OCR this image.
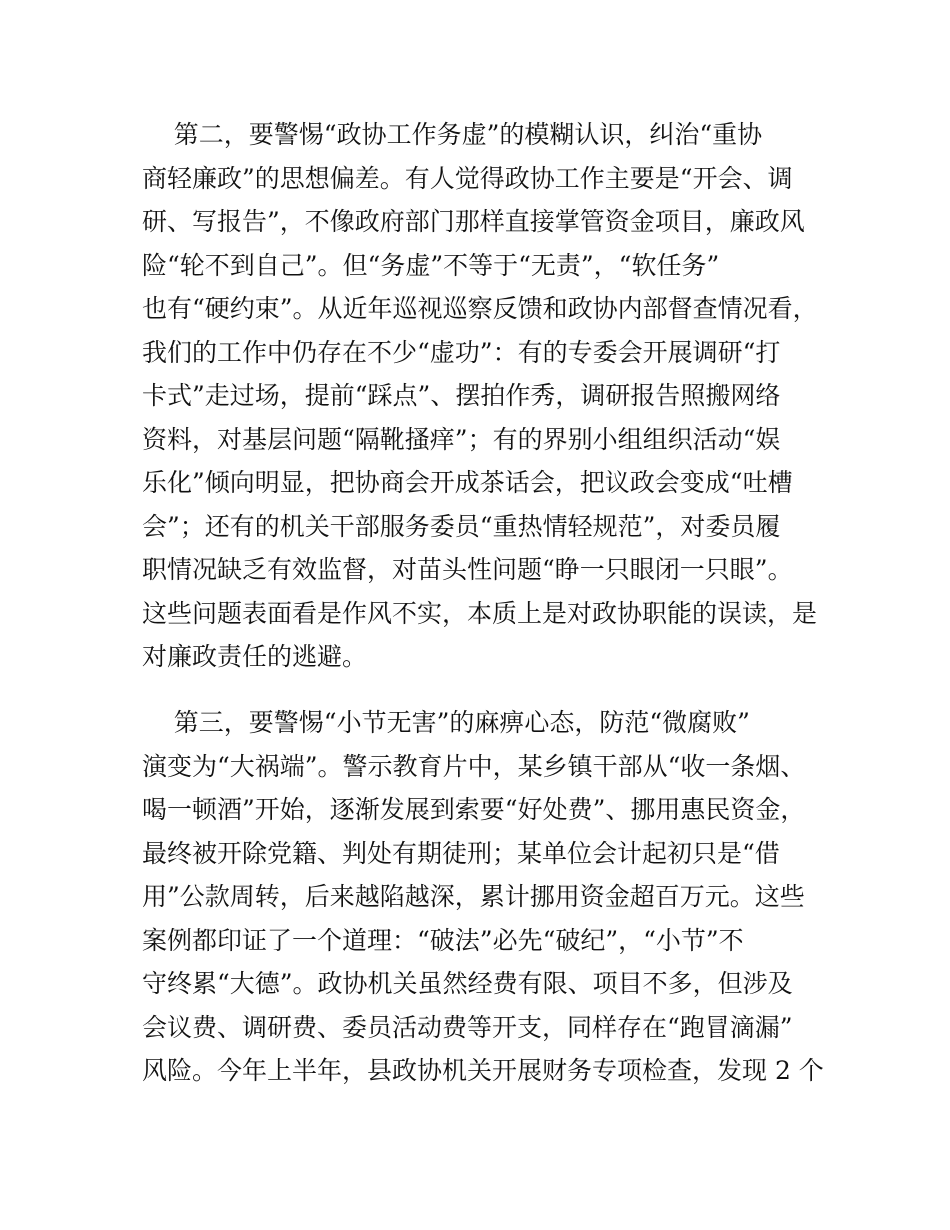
第二，要警惕“政协工作务虚”的模糊认识，纠治“重协
商轻廉政”的思想偏差。有人觉得政协工作主要是“开会、调
研、写报告”，不像政府部门那样直接掌管资金项目，廉政风
险“轮不到自己”。但“务虚”不等于“无责”，“软任务”
也有“硬约束”。从近年巡视巡察反馈和政协内部督查情况看，
我们的工作中仍存在不少“虚功”：有的专委会开展调研“打
卡式”走过场，提前“踩点”、摆拍作秀，调研报告照搬网络
资料，对基层问题“隔靴搔痒”；有的界别小组组织活动“娱
乐化”倾向明显，把协商会开成茶话会，把议政会变成“吐槽
会”；还有的机关干部服务委员“重热情轻规范”，对委员履
职情况缺乏有效监督，对苗头性问题“睁一只眼闭一只眼”。
这些问题表面看是作风不实，本质上是对政协职能的误读，是
对廉政责任的逃避。
第三，要警惕“小节无害”的麻痹心态，防范“微腐败”
演变为“大祸端”。警示教育片中，某乡镇干部从“收一条烟、
喝一顿酒”开始，逐渐发展到索要“好处费”、挪用惠民资金，
最终被开除党籍、判处有期徒刑；某单位会计起初只是“借
用”公款周转，后来越陷越深，累计挪用资金超百万元。这些
案例都印证了一个道理：“破法”必先“破纪”，“小节”不
守终累“大德”。政协机关虽然经费有限、项目不多，但涉及
会议费、调研费、委员活动费等开支，同样存在“跑冒滴漏”
风险。今年上半年，县政协机关开展财务专项检查，发现 2 个
